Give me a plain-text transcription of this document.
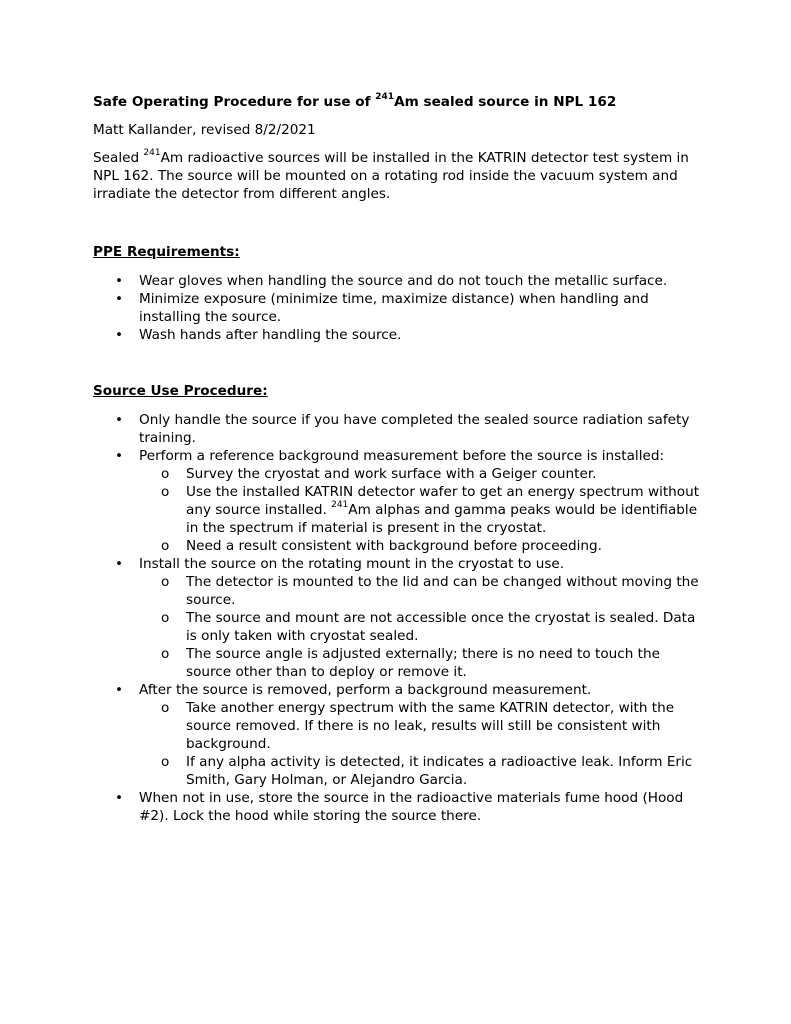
Safe Operating Procedure for use of $^{241}$Am sealed source in NPL 162

Matt Kallander, revised 8/2/2021

Sealed $^{241}$Am radioactive sources will be installed in the KATRIN detector test system in NPL 162. The source will be mounted on a rotating rod inside the vacuum system and irradiate the detector from different angles.

PPE Requirements:

• Wear gloves when handling the source and do not touch the metallic surface.
• Minimize exposure (minimize time, maximize distance) when handling and installing the source.
• Wash hands after handling the source.

Source Use Procedure:

• Only handle the source if you have completed the sealed source radiation safety training.
• Perform a reference background measurement before the source is installed:
o Survey the cryostat and work surface with a Geiger counter.
o Use the installed KATRIN detector wafer to get an energy spectrum without any source installed. $^{241}$Am alphas and gamma peaks would be identifiable in the spectrum if material is present in the cryostat.
o Need a result consistent with background before proceeding.
• Install the source on the rotating mount in the cryostat to use.
o The detector is mounted to the lid and can be changed without moving the source.
o The source and mount are not accessible once the cryostat is sealed. Data is only taken with cryostat sealed.
o The source angle is adjusted externally; there is no need to touch the source other than to deploy or remove it.
• After the source is removed, perform a background measurement.
o Take another energy spectrum with the same KATRIN detector, with the source removed. If there is no leak, results will still be consistent with background.
o If any alpha activity is detected, it indicates a radioactive leak. Inform Eric Smith, Gary Holman, or Alejandro Garcia.
• When not in use, store the source in the radioactive materials fume hood (Hood #2). Lock the hood while storing the source there.
